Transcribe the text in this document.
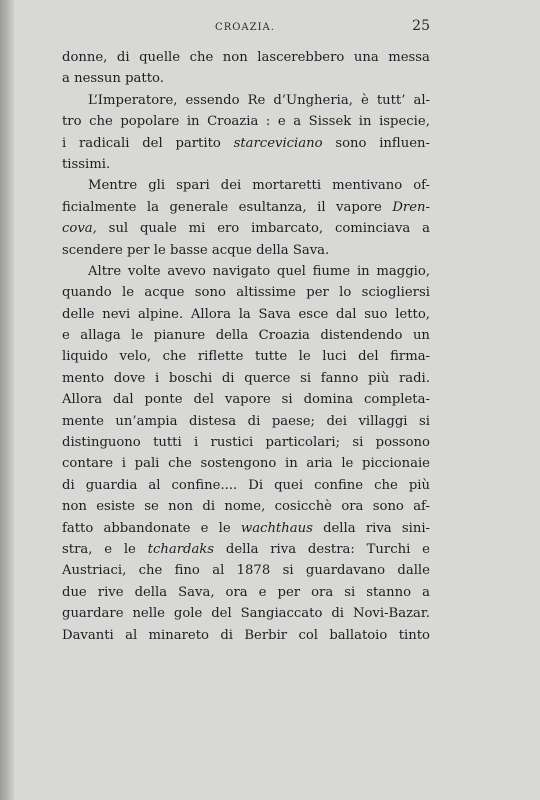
CROAZIA.	25
donne, di quelle che non lascerebbero una messa
a nessun patto.
L’Imperatore, essendo Re d’Ungheria, è tutt’ al-
tro che popolare in Croazia : e a Sissek in ispecie,
i radicali del partito starceviciano sono influen-
tissimi.
Mentre gli spari dei mortaretti mentivano of-
ficialmente la generale esultanza, il vapore Dren-
cova, sul quale mi ero imbarcato, cominciava a
scendere per le basse acque della Sava.
Altre volte avevo navigato quel fiume in maggio,
quando le acque sono altissime per lo sciogliersi
delle nevi alpine. Allora la Sava esce dal suo letto,
e allaga le pianure della Croazia distendendo un
liquido velo, che riflette tutte le luci del firma-
mento dove i boschi di querce si fanno più radi.
Allora dal ponte del vapore si domina completa-
mente un’ampia distesa di paese; dei villaggi si
distinguono tutti i rustici particolari; si possono
contare i pali che sostengono in aria le piccionaie
di guardia al confine.... Di quei confine che più
non esiste se non di nome, cosicchè ora sono af-
fatto abbandonate e le wachthaus della riva sini-
stra, e le tchardaks della riva destra: Turchi e
Austriaci, che fino al 1878 si guardavano dalle
due rive della Sava, ora e per ora si stanno a
guardare nelle gole del Sangiaccato di Novi-Bazar.
Davanti al minareto di Berbir col ballatoio tinto
